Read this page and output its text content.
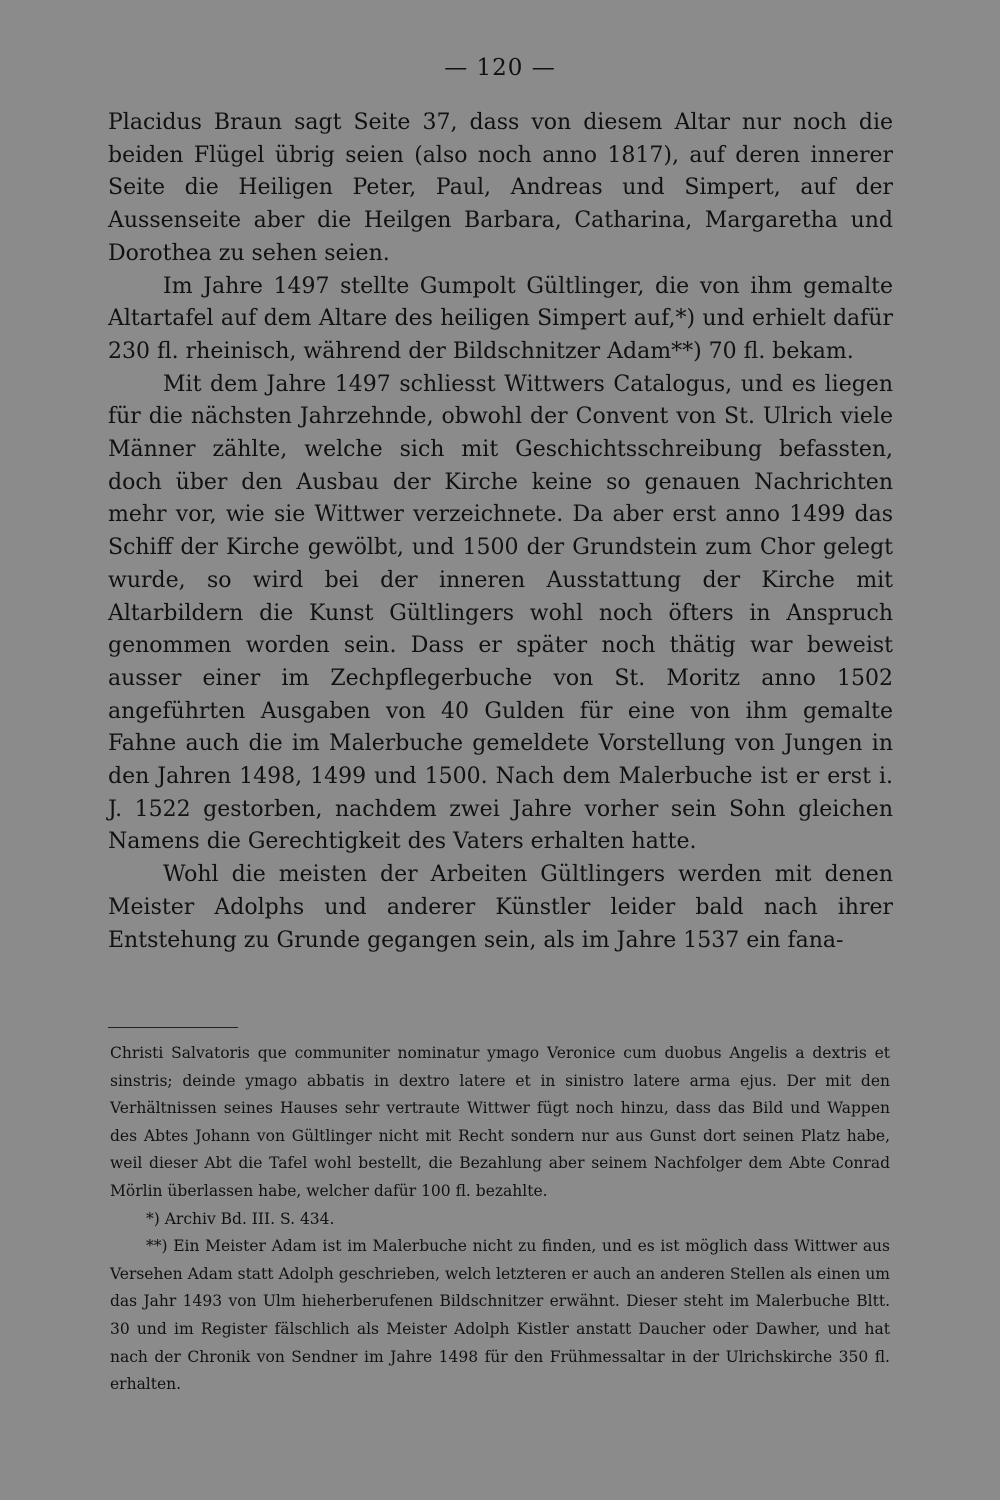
— 120 —

Placidus Braun sagt Seite 37, dass von diesem Altar nur noch die beiden Flügel übrig seien (also noch anno 1817), auf deren innerer Seite die Heiligen Peter, Paul, Andreas und Simpert, auf der Aussenseite aber die Heilgen Barbara, Catharina, Margaretha und Dorothea zu sehen seien.

Im Jahre 1497 stellte Gumpolt Gültlinger, die von ihm gemalte Altartafel auf dem Altare des heiligen Simpert auf,*) und erhielt dafür 230 fl. rheinisch, während der Bildschnitzer Adam**) 70 fl. bekam.

Mit dem Jahre 1497 schliesst Wittwers Catalogus, und es liegen für die nächsten Jahrzehnde, obwohl der Convent von St. Ulrich viele Männer zählte, welche sich mit Geschichtsschreibung befassten, doch über den Ausbau der Kirche keine so genauen Nachrichten mehr vor, wie sie Wittwer verzeichnete. Da aber erst anno 1499 das Schiff der Kirche gewölbt, und 1500 der Grundstein zum Chor gelegt wurde, so wird bei der inneren Ausstattung der Kirche mit Altarbildern die Kunst Gültlingers wohl noch öfters in Anspruch genommen worden sein. Dass er später noch thätig war beweist ausser einer im Zechpflegerbuche von St. Moritz anno 1502 angeführten Ausgaben von 40 Gulden für eine von ihm gemalte Fahne auch die im Malerbuche gemeldete Vorstellung von Jungen in den Jahren 1498, 1499 und 1500. Nach dem Malerbuche ist er erst i. J. 1522 gestorben, nachdem zwei Jahre vorher sein Sohn gleichen Namens die Gerechtigkeit des Vaters erhalten hatte.

Wohl die meisten der Arbeiten Gültlingers werden mit denen Meister Adolphs und anderer Künstler leider bald nach ihrer Entstehung zu Grunde gegangen sein, als im Jahre 1537 ein fana-

Christi Salvatoris que communiter nominatur ymago Veronice cum duobus Angelis a dextris et sinstris; deinde ymago abbatis in dextro latere et in sinistro latere arma ejus. Der mit den Verhältnissen seines Hauses sehr vertraute Wittwer fügt noch hinzu, dass das Bild und Wappen des Abtes Johann von Gültlinger nicht mit Recht sondern nur aus Gunst dort seinen Platz habe, weil dieser Abt die Tafel wohl bestellt, die Bezahlung aber seinem Nachfolger dem Abte Conrad Mörlin überlassen habe, welcher dafür 100 fl. bezahlte.

*) Archiv Bd. III. S. 434.

**) Ein Meister Adam ist im Malerbuche nicht zu finden, und es ist möglich dass Wittwer aus Versehen Adam statt Adolph geschrieben, welch letzteren er auch an anderen Stellen als einen um das Jahr 1493 von Ulm hieherberufenen Bildschnitzer erwähnt. Dieser steht im Malerbuche Bltt. 30 und im Register fälschlich als Meister Adolph Kistler anstatt Daucher oder Dawher, und hat nach der Chronik von Sendner im Jahre 1498 für den Frühmessaltar in der Ulrichskirche 350 fl. erhalten.
